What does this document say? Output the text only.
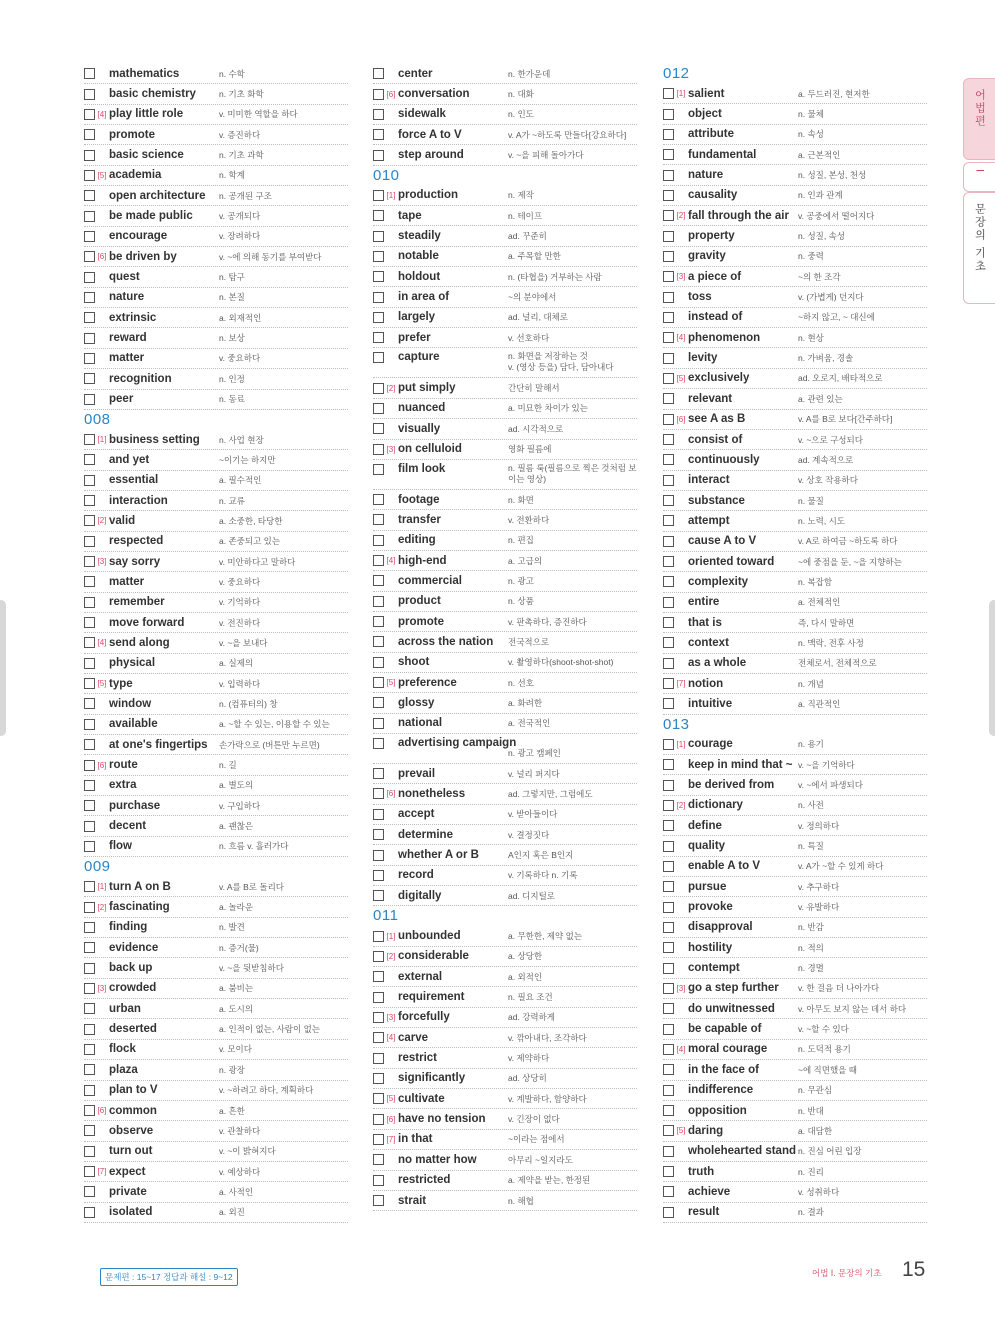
mathematics	n. 수학
basic chemistry	n. 기초 화학
[4] play little role	v. 미미한 역할을 하다
promote	v. 증진하다
basic science	n. 기초 과학
[5] academia	n. 학계
open architecture	n. 공개된 구조
be made public	v. 공개되다
encourage	v. 장려하다
[6] be driven by	v. ~에 의해 동기를 부여받다
quest	n. 탐구
nature	n. 본질
extrinsic	a. 외재적인
reward	n. 보상
matter	v. 중요하다
recognition	n. 인정
peer	n. 동료
008
[1] business setting	n. 사업 현장
and yet	~이기는 하지만
essential	a. 필수적인
interaction	n. 교류
[2] valid	a. 소중한, 타당한
respected	a. 존중되고 있는
[3] say sorry	v. 미안하다고 말하다
matter	v. 중요하다
remember	v. 기억하다
move forward	v. 전진하다
[4] send along	v. ~을 보내다
physical	a. 실제의
[5] type	v. 입력하다
window	n. (컴퓨터의) 창
available	a. ~할 수 있는, 이용할 수 있는
at one's fingertips	손가락으로 (버튼만 누르면)
[6] route	n. 길
extra	a. 별도의
purchase	v. 구입하다
decent	a. 괜찮은
flow	n. 흐름 v. 흘러가다
009
[1] turn A on B	v. A를 B로 돌리다
[2] fascinating	a. 놀라운
finding	n. 발견
evidence	n. 증거(물)
back up	v. ~을 뒷받침하다
[3] crowded	a. 붐비는
urban	a. 도시의
deserted	a. 인적이 없는, 사람이 없는
flock	v. 모이다
plaza	n. 광장
plan to V	v. ~하려고 하다, 계획하다
[6] common	a. 흔한
observe	v. 관찰하다
turn out	v. ~이 밝혀지다
[7] expect	v. 예상하다
private	a. 사적인
isolated	a. 외진
center	n. 한가운데
[6] conversation	n. 대화
sidewalk	n. 인도
force A to V	v. A가 ~하도록 만들다[강요하다]
step around	v. ~을 피해 돌아가다
010
[1] production	n. 제작
tape	n. 테이프
steadily	ad. 꾸준히
notable	a. 주목할 만한
holdout	n. (타협을) 거부하는 사람
in area of	~의 분야에서
largely	ad. 널리, 대체로
prefer	v. 선호하다
capture	n. 화면을 저장하는 것
v. (영상 등을) 담다, 담아내다
[2] put simply	간단히 말해서
nuanced	a. 미묘한 차이가 있는
visually	ad. 시각적으로
[3] on celluloid	영화 필름에
film look	n. 필름 룩(필름으로 찍은 것처럼 보이는 영상)
footage	n. 화면
transfer	v. 전환하다
editing	n. 편집
[4] high-end	a. 고급의
commercial	n. 광고
product	n. 상품
promote	v. 판촉하다, 증진하다
across the nation	전국적으로
shoot	v. 촬영하다(shoot-shot-shot)
[5] preference	n. 선호
glossy	a. 화려한
national	a. 전국적인
advertising campaign

n. 광고 캠페인
prevail	v. 널리 퍼지다
[6] nonetheless	ad. 그렇지만, 그럼에도
accept	v. 받아들이다
determine	v. 결정짓다
whether A or B	A인지 혹은 B인지
record	v. 기록하다 n. 기록
digitally	ad. 디지털로
011
[1] unbounded	a. 무한한, 제약 없는
[2] considerable	a. 상당한
external	a. 외적인
requirement	n. 필요 조건
[3] forcefully	ad. 강력하게
[4] carve	v. 깎아내다, 조각하다
restrict	v. 제약하다
significantly	ad. 상당히
[5] cultivate	v. 계발하다, 함양하다
[6] have no tension	v. 긴장이 없다
[7] in that	~이라는 점에서
no matter how	아무리 ~일지라도
restricted	a. 제약을 받는, 한정된
strait	n. 해협
012
[1] salient	a. 두드러진, 현저한
object	n. 물체
attribute	n. 속성
fundamental	a. 근본적인
nature	n. 성질, 본성, 천성
causality	n. 인과 관계
[2] fall through the air	v. 공중에서 떨어지다
property	n. 성질, 속성
gravity	n. 중력
[3] a piece of	~의 한 조각
toss	v. (가볍게) 던지다
instead of	~하지 않고, ~ 대신에
[4] phenomenon	n. 현상
levity	n. 가벼움, 경솔
[5] exclusively	ad. 오로지, 배타적으로
relevant	a. 관련 있는
[6] see A as B	v. A를 B로 보다[간주하다]
consist of	v. ~으로 구성되다
continuously	ad. 계속적으로
interact	v. 상호 작용하다
substance	n. 물질
attempt	n. 노력, 시도
cause A to V	v. A로 하여금 ~하도록 하다
oriented toward	~에 중점을 둔, ~을 지향하는
complexity	n. 복잡함
entire	a. 전체적인
that is	즉, 다시 말하면
context	n. 맥락, 전후 사정
as a whole	전체로서, 전체적으로
[7] notion	n. 개념
intuitive	a. 직관적인
013
[1] courage	n. 용기
keep in mind that ~ v. ~을 기억하다
be derived from	v. ~에서 파생되다
[2] dictionary	n. 사전
define	v. 정의하다
quality	n. 특질
enable A to V	v. A가 ~할 수 있게 하다
pursue	v. 추구하다
provoke	v. 유발하다
disapproval	n. 반감
hostility	n. 적의
contempt	n. 경멸
[3] go a step further	v. 한 걸음 더 나아가다
do unwitnessed	v. 아무도 보지 않는 데서 하다
be capable of	v. ~할 수 있다
[4] moral courage	n. 도덕적 용기
in the face of	~에 직면했을 때
indifference	n. 무관심
opposition	n. 반대
[5] daring	a. 대담한
wholehearted stand n. 진심 어린 입장
truth	n. 진리
achieve	v. 성취하다
result	n. 결과
어법편
I
문장의 기초
문제편 : 15~17 정답과 해설 : 9~12	어법 Ⅰ. 문장의 기초 15
